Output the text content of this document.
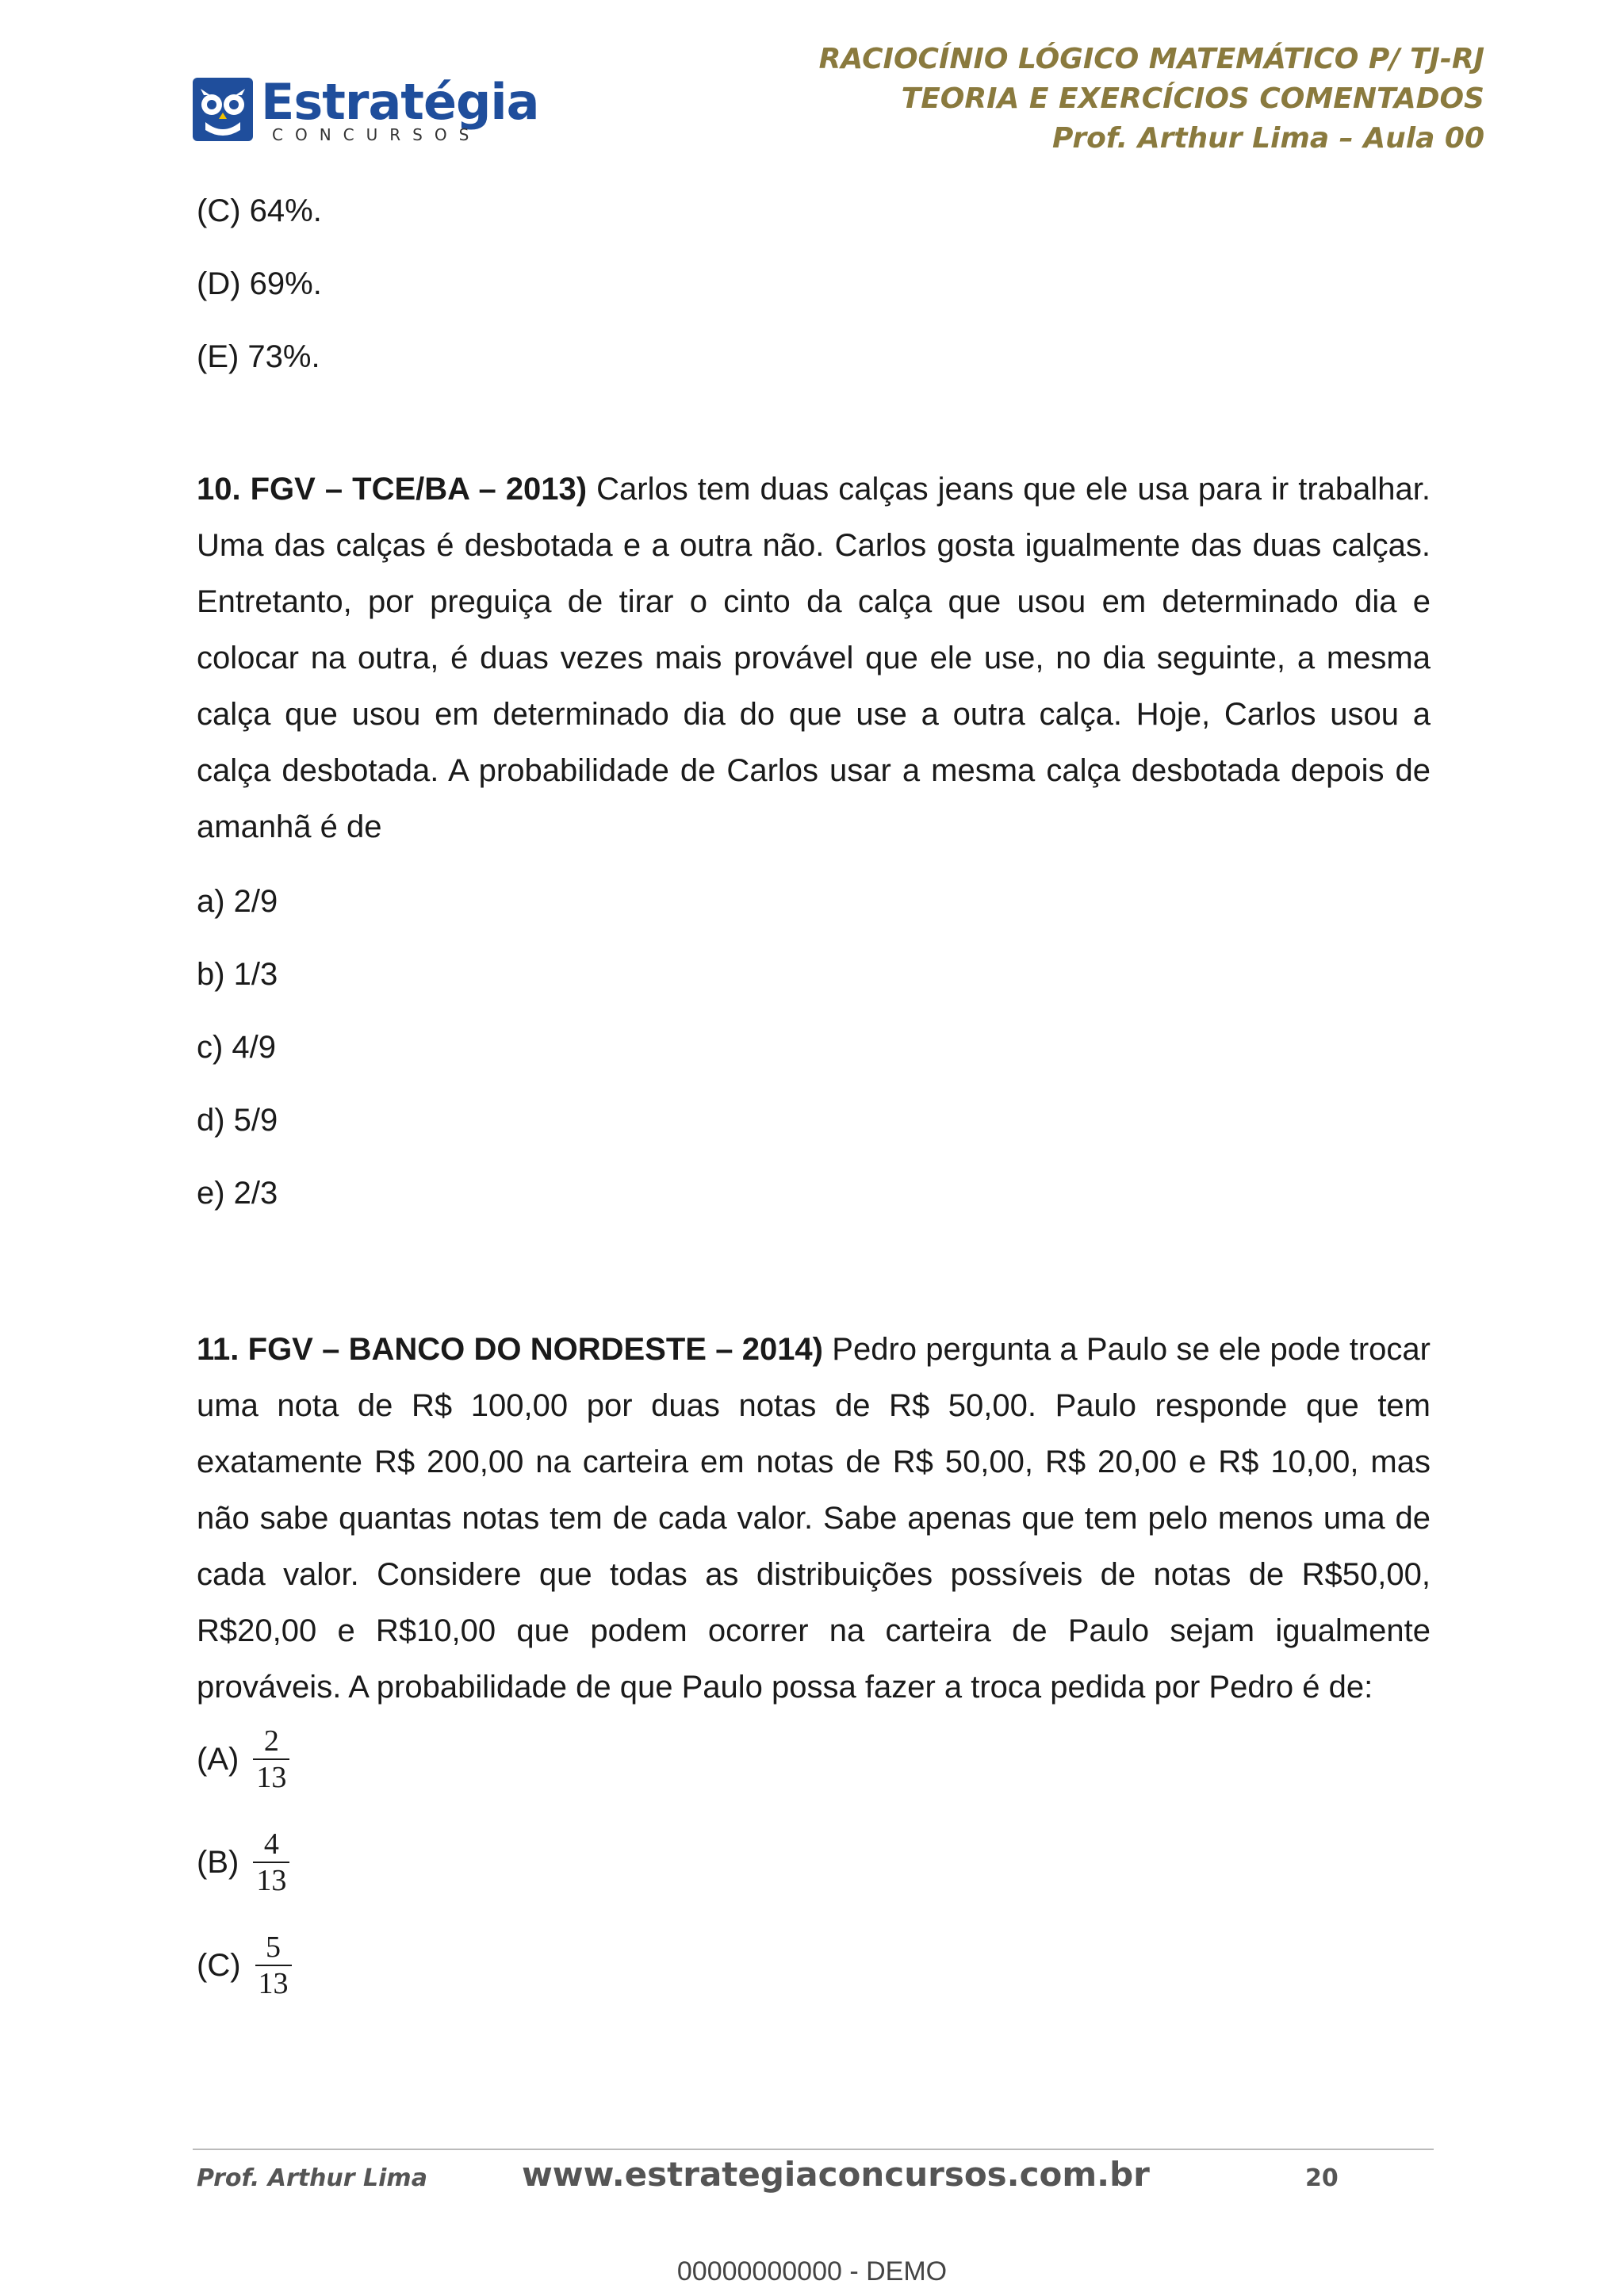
Estratégia
CONCURSOS
RACIOCÍNIO LÓGICO MATEMÁTICO P/ TJ-RJ
TEORIA E EXERCÍCIOS COMENTADOS
Prof. Arthur Lima – Aula 00
(C) 64%.
(D) 69%.
(E) 73%.

10. FGV – TCE/BA – 2013) Carlos tem duas calças jeans que ele usa para ir trabalhar. Uma das calças é desbotada e a outra não. Carlos gosta igualmente das duas calças. Entretanto, por preguiça de tirar o cinto da calça que usou em determinado dia e colocar na outra, é duas vezes mais provável que ele use, no dia seguinte, a mesma calça que usou em determinado dia do que use a outra calça. Hoje, Carlos usou a calça desbotada. A probabilidade de Carlos usar a mesma calça desbotada depois de amanhã é de

a) 2/9
b) 1/3
c) 4/9
d) 5/9
e) 2/3

11. FGV – BANCO DO NORDESTE – 2014) Pedro pergunta a Paulo se ele pode trocar uma nota de R$ 100,00 por duas notas de R$ 50,00. Paulo responde que tem exatamente R$ 200,00 na carteira em notas de R$ 50,00, R$ 20,00 e R$ 10,00, mas não sabe quantas notas tem de cada valor. Sabe apenas que tem pelo menos uma de cada valor. Considere que todas as distribuições possíveis de notas de R$50,00, R$20,00 e R$10,00 que podem ocorrer na carteira de Paulo sejam igualmente prováveis. A probabilidade de que Paulo possa fazer a troca pedida por Pedro é de:

$(A) \frac{2}{13}$
$(B) \frac{4}{13}$
$(C) \frac{5}{13}$
Prof. Arthur Lima	www.estrategiaconcursos.com.br	20
00000000000 - DEMO
